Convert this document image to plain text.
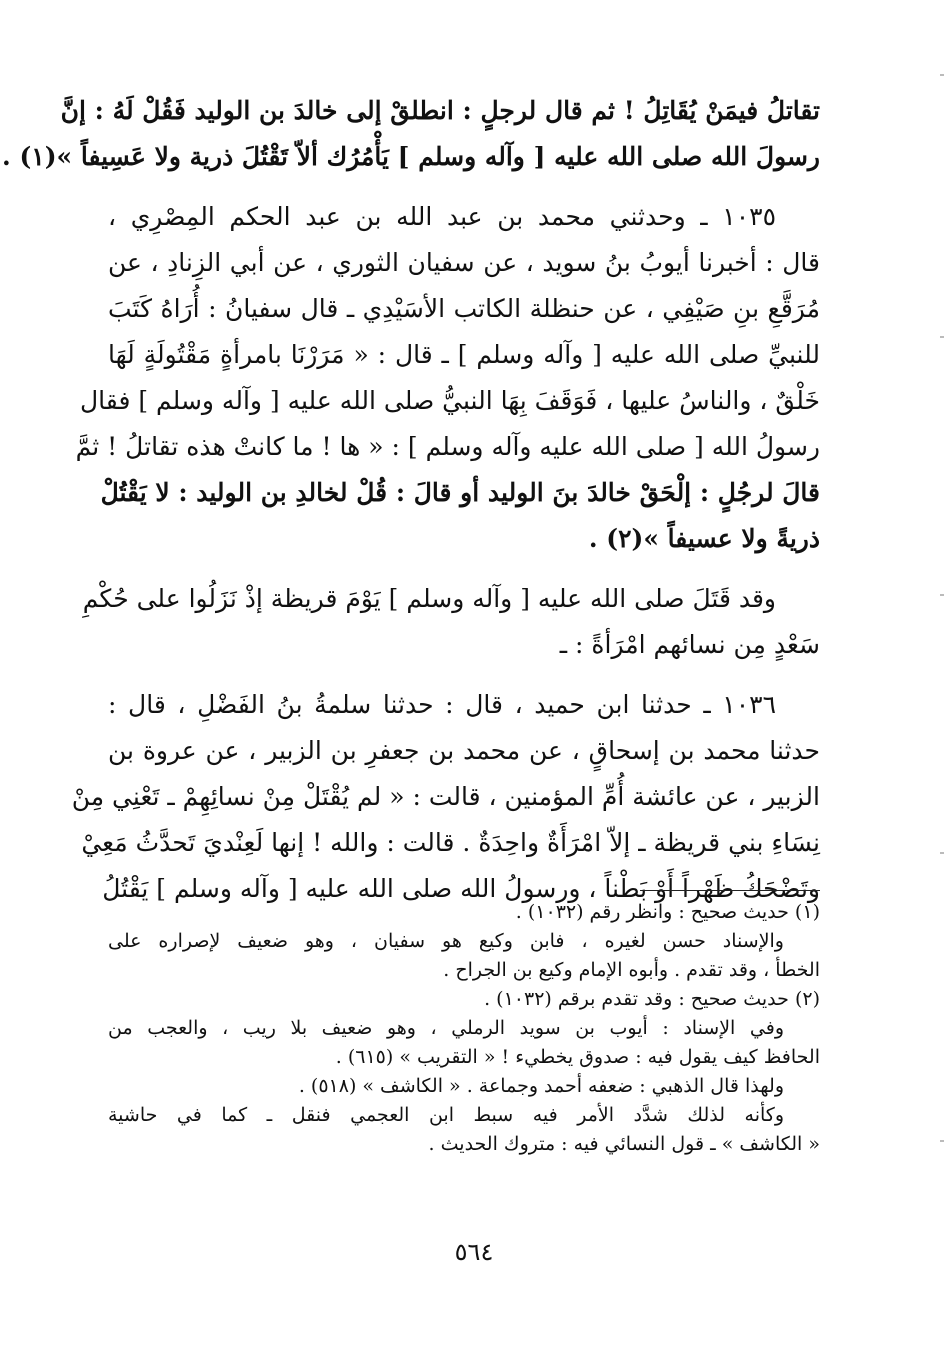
تقاتلُ فيمَنْ يُقَاتِلُ ! ثم قال لرجلٍ : انطلقْ إلى خالدَ بن الوليد فَقُلْ لَهُ : إنَّ
رسولَ الله صلى الله عليه [ وآله وسلم ] يَأْمُرُك ألاّ تَقْتُلَ ذرية ولا عَسِيفاً »(١) .
١٠٣٥ ـ وحدثني محمد بن عبد الله بن عبد الحكم المِصْرِي ،
قال : أخبرنا أيوبُ بنُ سويد ، عن سفيان الثوري ، عن أبي الزِنادِ ، عن
مُرَقَّعِ بنِ صَيْفِي ، عن حنظلة الكاتب الأسَيْدِي ـ قال سفيانُ : أُرَاهُ كَتَبَ
للنبيِّ صلى الله عليه [ وآله وسلم ] ـ قال : « مَرَرْنَا بامرأةٍ مَقْتُولَةٍ لَهَا
خَلْقٌ ، والناسُ عليها ، فَوَقَفَ بِهَا النبيُّ صلى الله عليه [ وآله وسلم ] فقال
رسولُ الله [ صلى الله عليه وآله وسلم ] : « ها ! ما كانتْ هذه تقاتلُ ! ثمَّ
قالَ لرجُلٍ : إلْحَقْ خالدَ بنَ الوليد أو قالَ : قُلْ لخالدِ بن الوليد : لا يَقْتُلْ
ذريةً ولا عسيفاً »(٢) .
وقد قَتَلَ صلى الله عليه [ وآله وسلم ] يَوْمَ قريظة إذْ نَزَلُوا على حُكْمِ
سَعْدٍ مِن نسائهم امْرَأةً : ـ
١٠٣٦ ـ حدثنا ابن حميد ، قال : حدثنا سلمةُ بنُ الفَضْلِ ، قال :
حدثنا محمد بن إسحاقٍ ، عن محمد بن جعفرِ بن الزبير ، عن عروة بن
الزبير ، عن عائشة أُمِّ المؤمنين ، قالت : « لم يُقْتَلْ مِنْ نسائِهِمْ ـ تَعْنِي مِنْ
نِسَاءِ بني قريظة ـ إلاّ امْرَأَةٌ واحِدَةٌ . قالت : والله ! إنها لَعِنْديَ تَحدَّثُ مَعِيْ
وتَضْحَكُ ظَهْراً أَوْ بَطْناً ، ورسولُ الله صلى الله عليه [ وآله وسلم ] يَقْتُلُ
(١) حديث صحيح : وانظر رقم (١٠٣٢) .
والإسناد حسن لغيره ، فابن وكيع هو سفيان ، وهو ضعيف لإصراره على
الخطأ ، وقد تقدم . وأبوه الإمام وكيع بن الجراح .
(٢) حديث صحيح : وقد تقدم برقم (١٠٣٢) .
وفي الإسناد : أيوب بن سويد الرملي ، وهو ضعيف بلا ريب ، والعجب من
الحافظ كيف يقول فيه : صدوق يخطيء ! « التقريب » (٦١٥) .
ولهذا قال الذهبي : ضعفه أحمد وجماعة . « الكاشف » (٥١٨) .
وكأنه لذلك شدَّد الأمر فيه سبط ابن العجمي فنقل ـ كما في حاشية
« الكاشف » ـ قول النسائي فيه : متروك الحديث .
٥٦٤
